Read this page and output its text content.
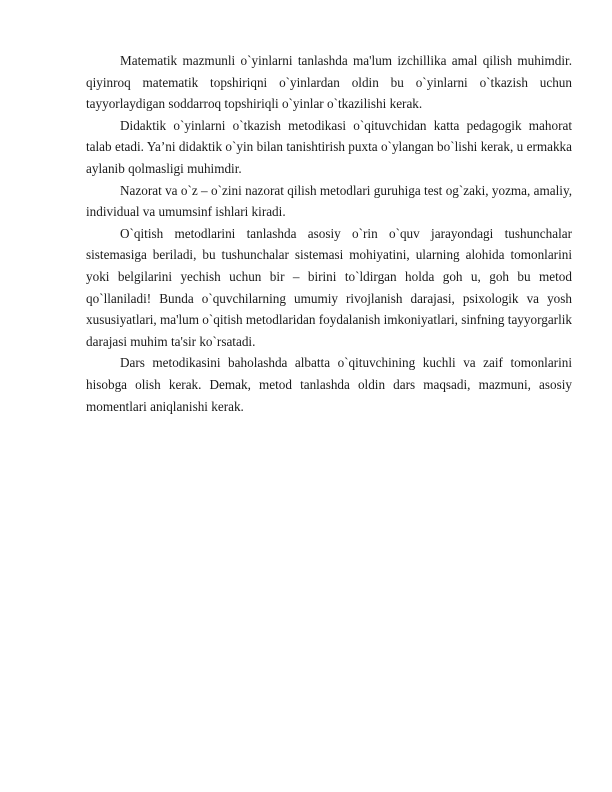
Matematik mazmunli o`yinlarni tanlashda ma'lum izchillika amal qilish muhimdir. qiyinroq matematik topshiriqni o`yinlardan oldin bu o`yinlarni o`tkazish uchun tayyorlaydigan soddarroq topshiriqli o`yinlar o`tkazilishi kerak.

Didaktik o`yinlarni o`tkazish metodikasi o`qituvchidan katta pedagogik mahorat talab etadi. Ya’ni didaktik o`yin bilan tanishtirish puxta o`ylangan bo`lishi kerak, u ermakka aylanib qolmasligi muhimdir.

Nazorat va o`z – o`zini nazorat qilish metodlari guruhiga test og`zaki, yozma, amaliy, individual va umumsinf ishlari kiradi.

O`qitish metodlarini tanlashda asosiy o`rin o`quv jarayondagi tushunchalar sistemasiga beriladi, bu tushunchalar sistemasi mohiyatini, ularning alohida tomonlarini yoki belgilarini yechish uchun bir – birini to`ldirgan holda goh u, goh bu metod qo`llaniladi! Bunda o`quvchilarning umumiy rivojlanish darajasi, psixologik va yosh xususiyatlari, ma'lum o`qitish metodlaridan foydalanish imkoniyatlari, sinfning tayyorgarlik darajasi muhim ta'sir ko`rsatadi.

Dars metodikasini baholashda albatta o`qituvchining kuchli va zaif tomonlarini hisobga olish kerak. Demak, metod tanlashda oldin dars maqsadi, mazmuni, asosiy momentlari aniqlanishi kerak.
